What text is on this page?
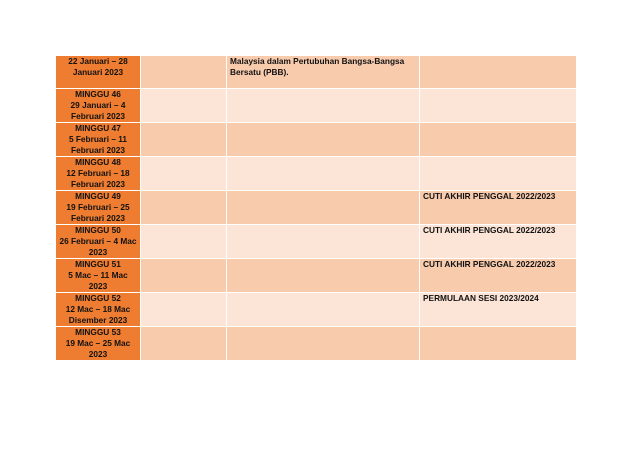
22 Januari – 28
Januari 2023		Malaysia dalam Pertubuhan Bangsa-Bangsa
Bersatu (PBB).	

MINGGU 46
29 Januari – 4
Februari 2023			

MINGGU 47
5 Februari – 11
Februari 2023			

MINGGU 48
12 Februari – 18
Februari 2023			

MINGGU 49
19 Februari – 25
Februari 2023			CUTI AKHIR PENGGAL 2022/2023

MINGGU 50
26 Februari – 4 Mac
2023			CUTI AKHIR PENGGAL 2022/2023

MINGGU 51
5 Mac – 11 Mac
2023			CUTI AKHIR PENGGAL 2022/2023

MINGGU 52
12 Mac – 18 Mac
Disember 2023			PERMULAAN SESI 2023/2024

MINGGU 53
19 Mac – 25 Mac
2023			
